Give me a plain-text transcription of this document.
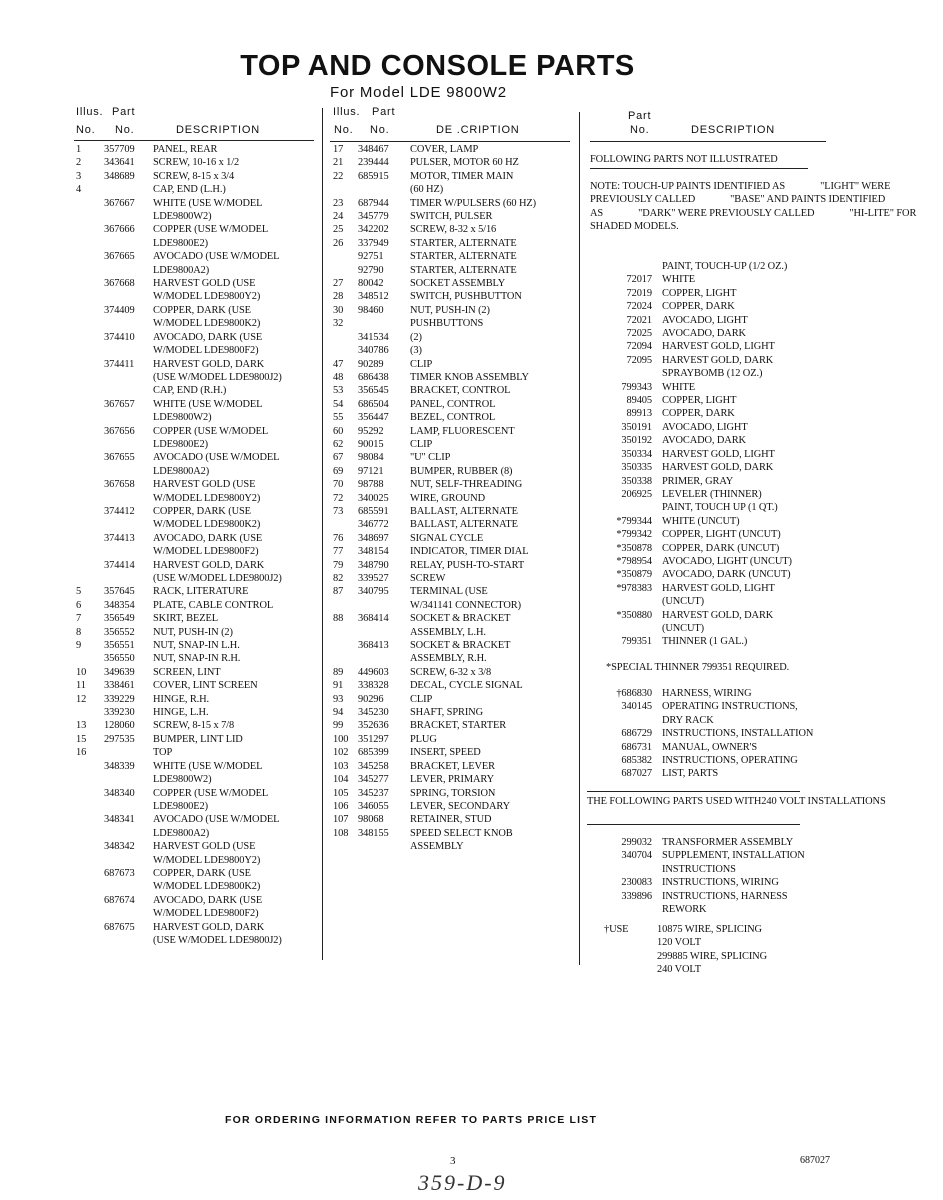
TOP AND CONSOLE PARTS
For Model LDE 9800W2
Illus. Part
No. No.	DESCRIPTION
Illus. Part
No. No.	DE .CRIPTION
Part
No.	DESCRIPTION
1 357709 PANEL, REAR
2 343641 SCREW, 10-16 x 1/2
3 348689 SCREW, 8-15 x 3/4
4	CAP, END (L.H.)
367667 WHITE (USE W/MODEL
LDE9800W2)
367666 COPPER (USE W/MODEL
LDE9800E2)
367665 AVOCADO (USE W/MODEL
LDE9800A2)
367668 HARVEST GOLD (USE
W/MODEL LDE9800Y2)
374409 COPPER, DARK (USE
W/MODEL LDE9800K2)
374410 AVOCADO, DARK (USE
W/MODEL LDE9800F2)
374411 HARVEST GOLD, DARK
(USE W/MODEL LDE9800J2)
CAP, END (R.H.)
367657 WHITE (USE W/MODEL
LDE9800W2)
367656 COPPER (USE W/MODEL
LDE9800E2)
367655 AVOCADO (USE W/MODEL
LDE9800A2)
367658 HARVEST GOLD (USE
W/MODEL LDE9800Y2)
374412 COPPER, DARK (USE
W/MODEL LDE9800K2)
374413 AVOCADO, DARK (USE
W/MODEL LDE9800F2)
374414 HARVEST GOLD, DARK
(USE W/MODEL LDE9800J2)
5 357645 RACK, LITERATURE
6 348354 PLATE, CABLE CONTROL
7 356549 SKIRT, BEZEL
8 356552 NUT, PUSH-IN (2)
9 356551 NUT, SNAP-IN L.H.
356550 NUT, SNAP-IN R.H.
10 349639 SCREEN, LINT
11 338461 COVER, LINT SCREEN
12 339229 HINGE, R.H.
339230 HINGE, L.H.
13 128060 SCREW, 8-15 x 7/8
15 297535 BUMPER, LINT LID
16	TOP
348339 WHITE (USE W/MODEL
LDE9800W2)
348340 COPPER (USE W/MODEL
LDE9800E2)
348341 AVOCADO (USE W/MODEL
LDE9800A2)
348342 HARVEST GOLD (USE
W/MODEL LDE9800Y2)
687673 COPPER, DARK (USE
W/MODEL LDE9800K2)
687674 AVOCADO, DARK (USE
W/MODEL LDE9800F2)
687675 HARVEST GOLD, DARK
(USE W/MODEL LDE9800J2)
17 348467 COVER, LAMP
21 239444 PULSER, MOTOR 60 HZ
22 685915 MOTOR, TIMER MAIN
(60 HZ)
23 687944 TIMER W/PULSERS (60 HZ)
24 345779 SWITCH, PULSER
25 342202 SCREW, 8-32 x 5/16
26 337949 STARTER, ALTERNATE
92751	STARTER, ALTERNATE
92790	STARTER, ALTERNATE
27 80042	SOCKET ASSEMBLY
28 348512 SWITCH, PUSHBUTTON
30 98460	NUT, PUSH-IN (2)
32	PUSHBUTTONS
341534 (2)
340786 (3)
47 90289	CLIP
48 686438 TIMER KNOB ASSEMBLY
53 356545 BRACKET, CONTROL
54 686504 PANEL, CONTROL
55 356447 BEZEL, CONTROL
60 95292	LAMP, FLUORESCENT
62 90015	CLIP
67 98084	"U" CLIP
69 97121	BUMPER, RUBBER (8)
70 98788	NUT, SELF-THREADING
72 340025 WIRE, GROUND
73 685591 BALLAST, ALTERNATE
346772 BALLAST, ALTERNATE
76 348697 SIGNAL CYCLE
77 348154 INDICATOR, TIMER DIAL
79 348790 RELAY, PUSH-TO-START
82 339527 SCREW
87 340795 TERMINAL (USE
W/341141 CONNECTOR)
88 368414 SOCKET & BRACKET
ASSEMBLY, L.H.
368413 SOCKET & BRACKET
ASSEMBLY, R.H.
89 449603 SCREW, 6-32 x 3/8
91 338328 DECAL, CYCLE SIGNAL
93 90296	CLIP
94 345230 SHAFT, SPRING
99 352636 BRACKET, STARTER
100 351297 PLUG
102 685399 INSERT, SPEED
103 345258 BRACKET, LEVER
104 345277 LEVER, PRIMARY
105 345237 SPRING, TORSION
106 346055 LEVER, SECONDARY
107 98068	RETAINER, STUD
108 348155 SPEED SELECT KNOB
ASSEMBLY
FOLLOWING PARTS NOT ILLUSTRATED
NOTE: TOUCH-UP PAINTS IDENTIFIED AS	"LIGHT" WERE PREVIOUSLY CALLED	"BASE" AND PAINTS IDENTIFIED AS	"DARK" WERE PREVIOUSLY CALLED	"HI-LITE" FOR SHADED MODELS.
PAINT, TOUCH-UP (1/2 OZ.)
72017 WHITE
72019 COPPER, LIGHT
72024 COPPER, DARK
72021 AVOCADO, LIGHT
72025 AVOCADO, DARK
72094 HARVEST GOLD, LIGHT
72095 HARVEST GOLD, DARK
SPRAYBOMB (12 OZ.)
799343 WHITE
89405 COPPER, LIGHT
89913 COPPER, DARK
350191 AVOCADO, LIGHT
350192 AVOCADO, DARK
350334 HARVEST GOLD, LIGHT
350335 HARVEST GOLD, DARK
350338 PRIMER, GRAY
206925 LEVELER (THINNER)
PAINT, TOUCH UP (1 QT.)
*799344 WHITE (UNCUT)
*799342 COPPER, LIGHT (UNCUT)
*350878 COPPER, DARK (UNCUT)
*798954 AVOCADO, LIGHT (UNCUT)
*350879 AVOCADO, DARK (UNCUT)
*978383 HARVEST GOLD, LIGHT
(UNCUT)
*350880 HARVEST GOLD, DARK
(UNCUT)
799351 THINNER (1 GAL.)
*SPECIAL THINNER 799351 REQUIRED.
†686830 HARNESS, WIRING
340145 OPERATING INSTRUCTIONS,
DRY RACK
686729 INSTRUCTIONS, INSTALLATION
686731 MANUAL, OWNER'S
685382 INSTRUCTIONS, OPERATING
687027 LIST, PARTS
THE FOLLOWING PARTS USED WITH240 VOLT INSTALLATIONS
299032 TRANSFORMER ASSEMBLY
340704 SUPPLEMENT, INSTALLATION
INSTRUCTIONS
230083 INSTRUCTIONS, WIRING
339896 INSTRUCTIONS, HARNESS
REWORK
†USE	10875 WIRE, SPLICING
120 VOLT
299885 WIRE, SPLICING
240 VOLT
FOR ORDERING INFORMATION REFER TO PARTS PRICE LIST
3	687027
359-D-9
